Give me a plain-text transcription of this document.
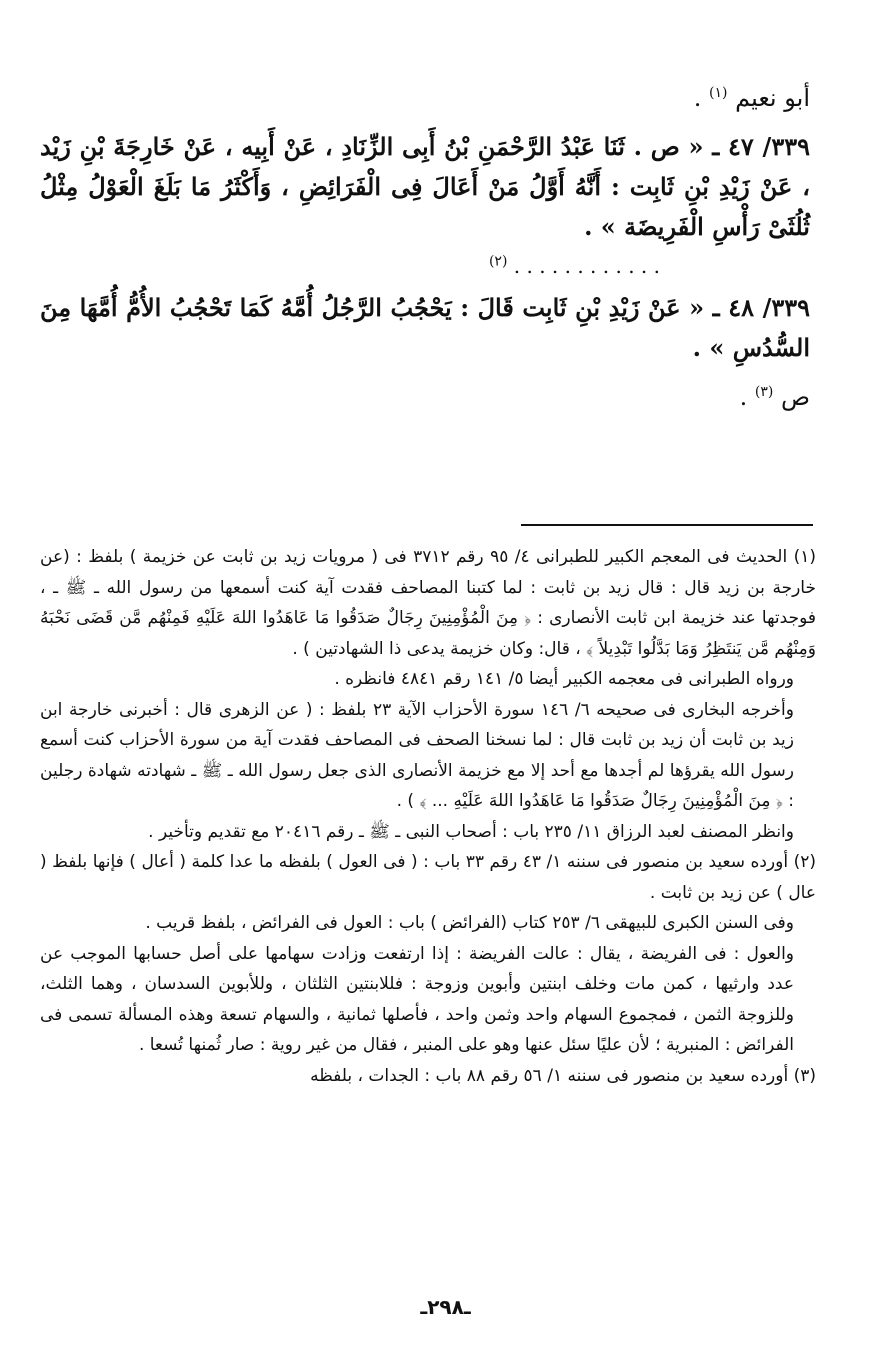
أبو نعيم $^{(١)}$ .

٣٣٩/ ٤٧ ـ « ص . ثَنَا عَبْدُ الرَّحْمَنِ بْنُ أَبِى الزِّنَادِ ، عَنْ أَبِيه ، عَنْ خَارِجَةَ بْنِ زَيْد ، عَنْ زَيْدِ بْنِ ثَابِت : أَنَّهُ أَوَّلُ مَنْ أَعَالَ فِى الْفَرَائِضِ ، وَأَكْثَرُ مَا بَلَغَ الْعَوْلُ مِثْلُ ثُلُثَىْ رَأْسِ الْفَرِيضَة » .

. . . . . . . . . . . . $^{(٢)}$

٣٣٩/ ٤٨ ـ « عَنْ زَيْدِ بْنِ ثَابِت قَالَ : يَحْجُبُ الرَّجُلُ أُمَّهُ كَمَا تَحْجُبُ الأُمُّ أُمَّهَا مِنَ السُّدُسِ » .

ص $^{(٣)}$ .

(١) الحديث فى المعجم الكبير للطبرانى ٤/ ٩٥ رقم ٣٧١٢ فى ( مرويات زيد بن ثابت عن خزيمة ) بلفظ : (عن خارجة بن زيد قال : قال زيد بن ثابت : لما كتبنا المصاحف فقدت آية كنت أسمعها من رسول الله ـ ﷺ ـ ، فوجدتها عند خزيمة ابن ثابت الأنصارى : ﴿ مِنَ الْمُؤْمِنِينَ رِجَالٌ صَدَقُوا مَا عَاهَدُوا اللهَ عَلَيْهِ فَمِنْهُم مَّن قَضَى نَحْبَهُ وَمِنْهُم مَّن يَنتَظِرُ وَمَا بَدَّلُوا تَبْدِيلاً ﴾ ، قال: وكان خزيمة يدعى ذا الشهادتين ) .

ورواه الطبرانى فى معجمه الكبير أيضا ٥/ ١٤١ رقم ٤٨٤١ فانظره .

وأخرجه البخارى فى صحيحه ٦/ ١٤٦ سورة الأحزاب الآية ٢٣ بلفظ : ( عن الزهرى قال : أخبرنى خارجة ابن زيد بن ثابت أن زيد بن ثابت قال : لما نسخنا الصحف فى المصاحف فقدت آية من سورة الأحزاب كنت أسمع رسول الله يقرؤها لم أجدها مع أحد إلا مع خزيمة الأنصارى الذى جعل رسول الله ـ ﷺ ـ شهادته شهادة رجلين : ﴿ مِنَ الْمُؤْمِنِينَ رِجَالٌ صَدَقُوا مَا عَاهَدُوا اللهَ عَلَيْهِ ... ﴾ ) .

وانظر المصنف لعبد الرزاق ١١/ ٢٣٥ باب : أصحاب النبى ـ ﷺ ـ رقم ٢٠٤١٦ مع تقديم وتأخير .

(٢) أورده سعيد بن منصور فى سننه ١/ ٤٣ رقم ٣٣ باب : ( فى العول ) بلفظه ما عدا كلمة ( أعال ) فإنها بلفظ ( عال ) عن زيد بن ثابت .

وفى السنن الكبرى للبيهقى ٦/ ٢٥٣ كتاب (الفرائض ) باب : العول فى الفرائض ، بلفظ قريب .

والعول : فى الفريضة ، يقال : عالت الفريضة : إذا ارتفعت وزادت سهامها على أصل حسابها الموجب عن عدد وارثيها ، كمن مات وخلف ابنتين وأبوين وزوجة : فللابنتين الثلثان ، وللأبوين السدسان ، وهما الثلث، وللزوجة الثمن ، فمجموع السهام واحد وثمن واحد ، فأصلها ثمانية ، والسهام تسعة وهذه المسألة تسمى فى الفرائض : المنبرية ؛ لأن عليًا سئل عنها وهو على المنبر ، فقال من غير روية : صار ثُمنها تُسعا .

(٣) أورده سعيد بن منصور فى سننه ١/ ٥٦ رقم ٨٨ باب : الجدات ، بلفظه

ـ٢٩٨ـ
